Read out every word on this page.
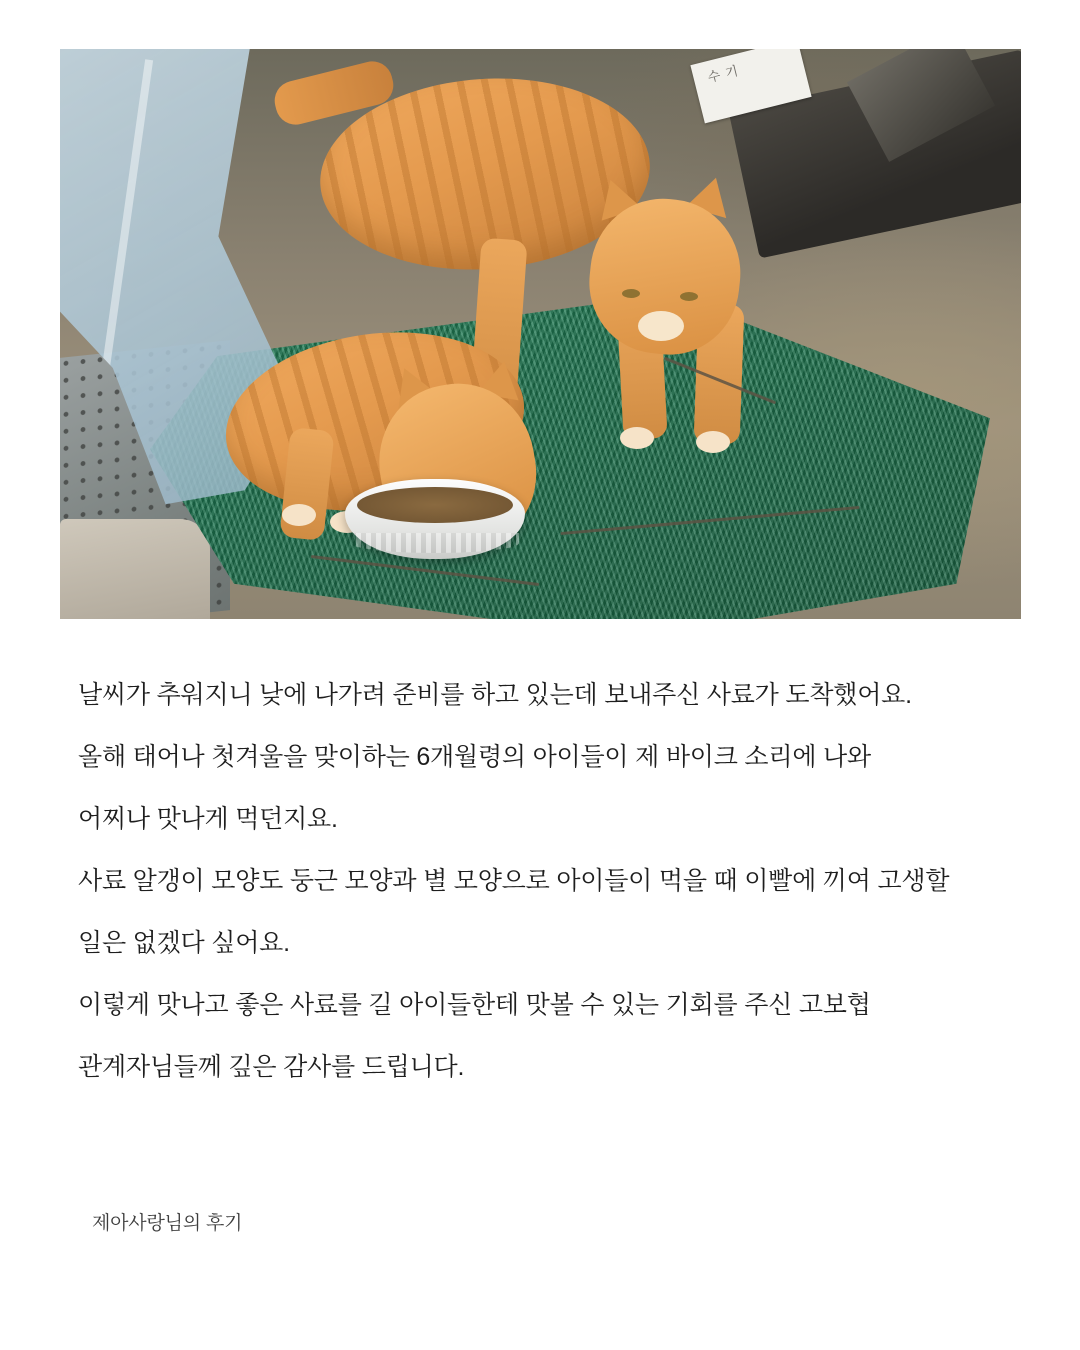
수 기

날씨가 추워지니 낮에 나가려 준비를 하고 있는데 보내주신 사료가 도착했어요.

올해 태어나 첫겨울을 맞이하는 6개월령의 아이들이 제 바이크 소리에 나와

어찌나 맛나게 먹던지요.

사료 알갱이 모양도 둥근 모양과 별 모양으로 아이들이 먹을 때 이빨에 끼여 고생할

일은 없겠다 싶어요.

이렇게 맛나고 좋은 사료를 길 아이들한테 맛볼 수 있는 기회를 주신 고보협

관계자님들께 깊은 감사를 드립니다.

제아사랑님의 후기
